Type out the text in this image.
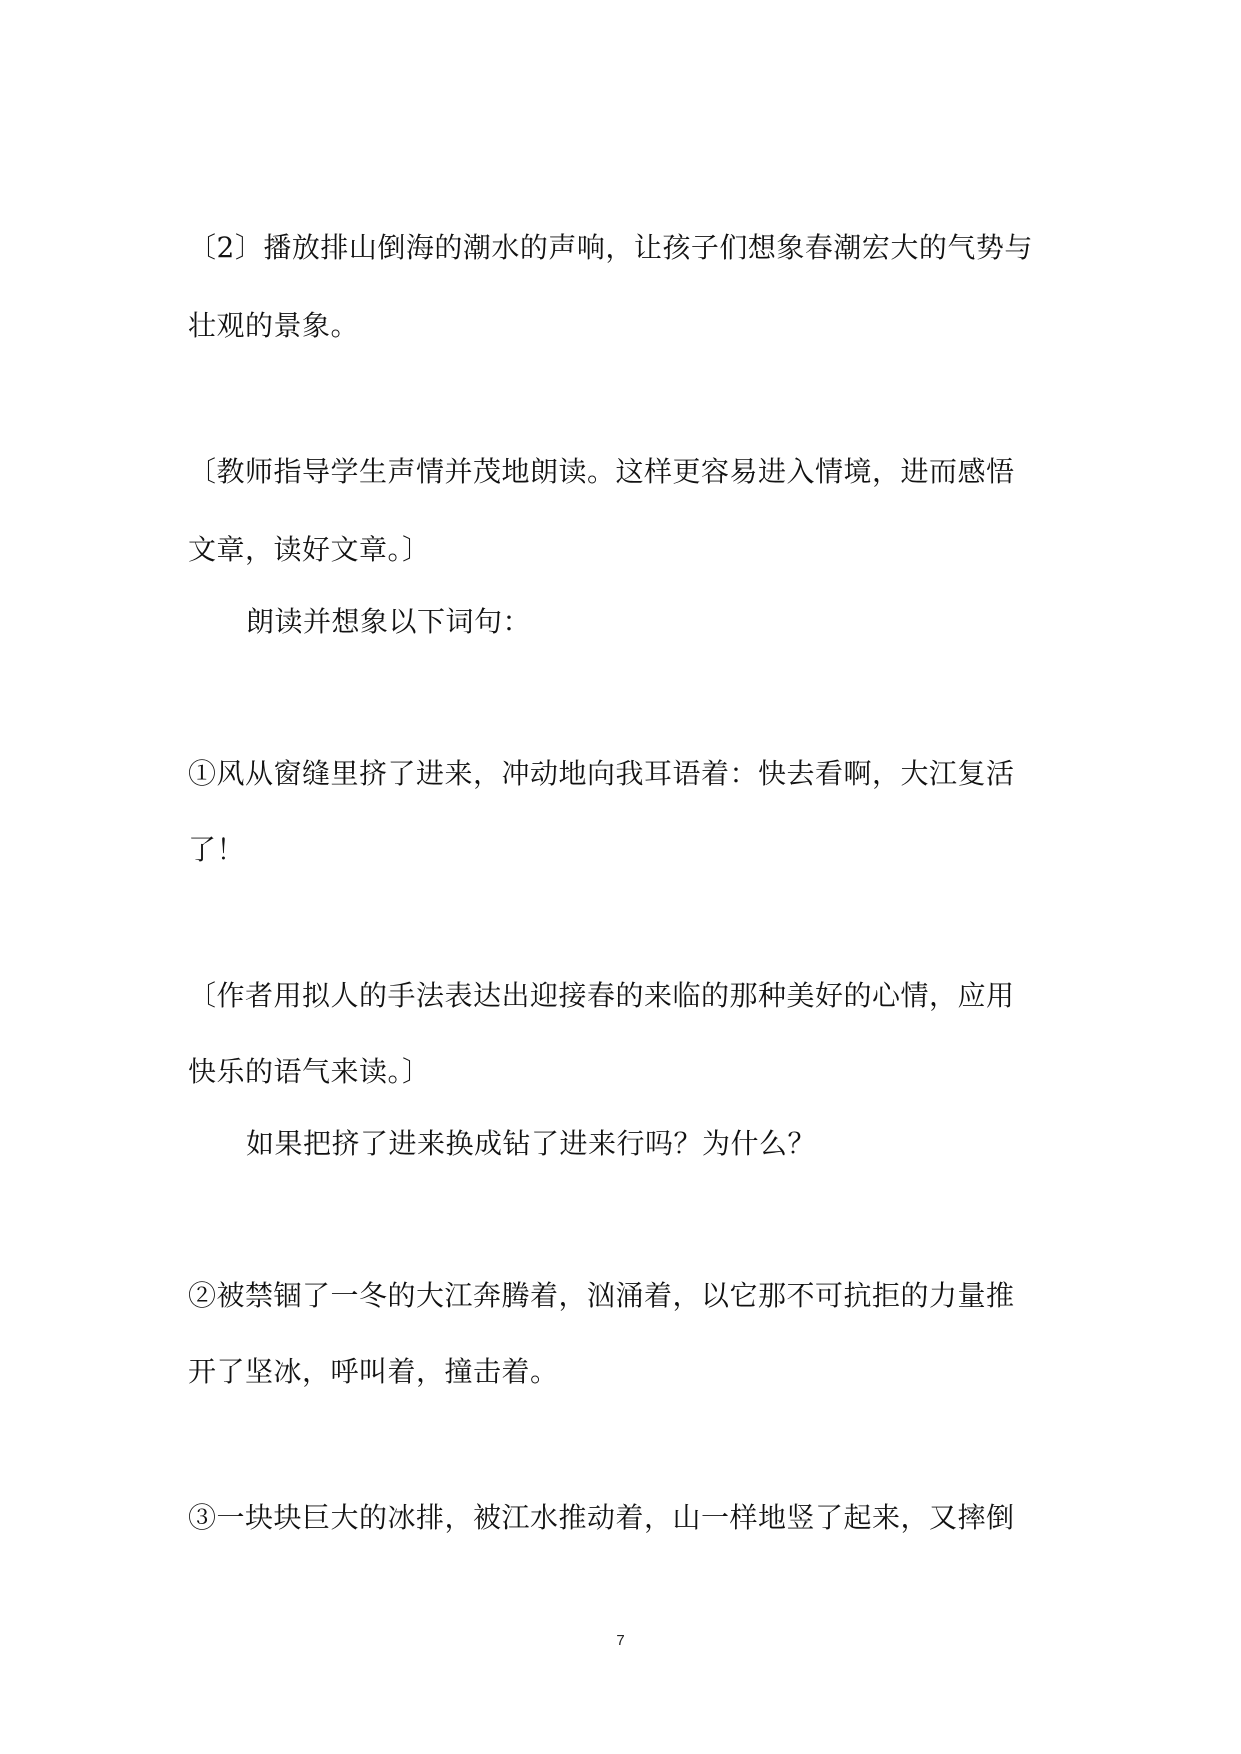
〔2〕播放排山倒海的潮水的声响，让孩子们想象春潮宏大的气势与
壮观的景象。
〔教师指导学生声情并茂地朗读。这样更容易进入情境，进而感悟
文章，读好文章。〕
朗读并想象以下词句：
①风从窗缝里挤了进来，冲动地向我耳语着：快去看啊，大江复活
了！
〔作者用拟人的手法表达出迎接春的来临的那种美好的心情，应用
快乐的语气来读。〕
如果把挤了进来换成钻了进来行吗？为什么？
②被禁锢了一冬的大江奔腾着，汹涌着，以它那不可抗拒的力量推
开了坚冰，呼叫着，撞击着。
③一块块巨大的冰排，被江水推动着，山一样地竖了起来，又摔倒
7
